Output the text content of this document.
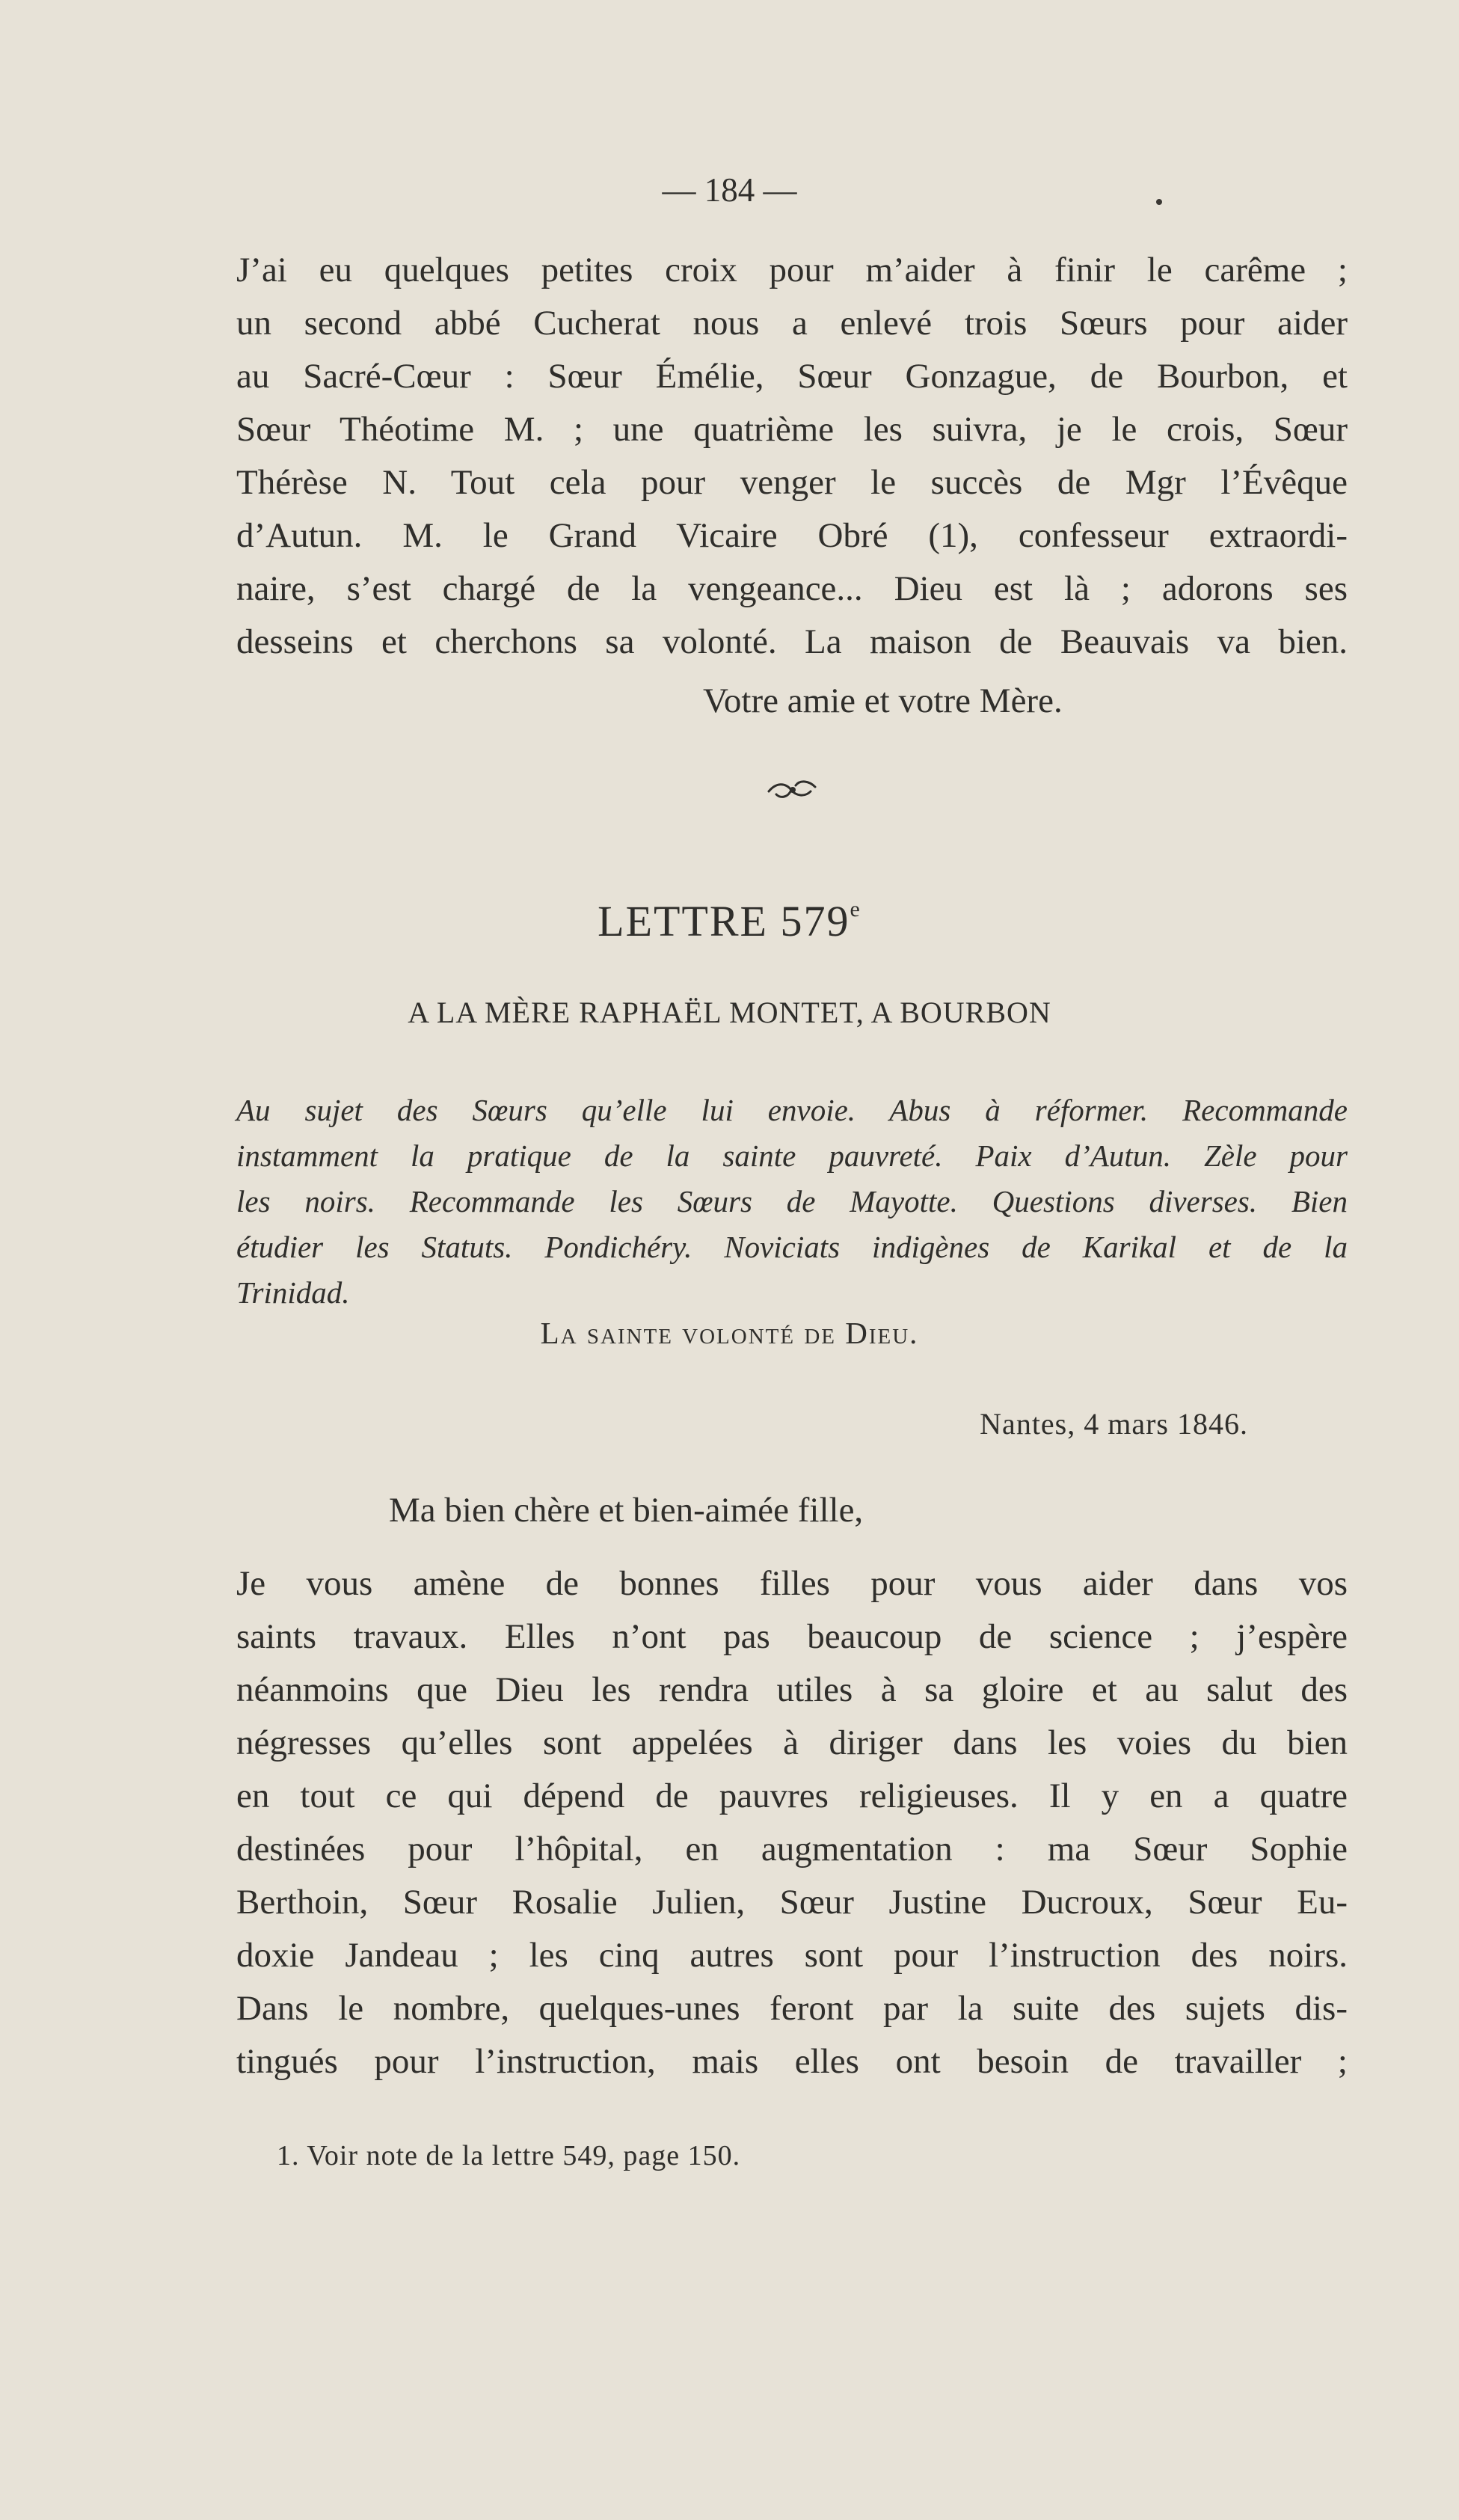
— 184 —
J’ai eu quelques petites croix pour m’aider à finir le carême ;
un second abbé Cucherat nous a enlevé trois Sœurs pour aider
au Sacré-Cœur : Sœur Émélie, Sœur Gonzague, de Bourbon, et
Sœur Théotime M. ; une quatrième les suivra, je le crois, Sœur
Thérèse N. Tout cela pour venger le succès de Mgr l’Évêque
d’Autun. M. le Grand Vicaire Obré (1), confesseur extraordi-
naire, s’est chargé de la vengeance... Dieu est là ; adorons ses
desseins et cherchons sa volonté. La maison de Beauvais va bien.
Votre amie et votre Mère.
LETTRE 579e
A LA MÈRE RAPHAËL MONTET, A BOURBON
Au sujet des Sœurs qu’elle lui envoie. Abus à réformer. Recommande
instamment la pratique de la sainte pauvreté. Paix d’Autun. Zèle pour
les noirs. Recommande les Sœurs de Mayotte. Questions diverses. Bien
étudier les Statuts. Pondichéry. Noviciats indigènes de Karikal et de la
Trinidad.
La sainte volonté de Dieu.
Nantes, 4 mars 1846.
Ma bien chère et bien-aimée fille,
Je vous amène de bonnes filles pour vous aider dans vos
saints travaux. Elles n’ont pas beaucoup de science ; j’espère
néanmoins que Dieu les rendra utiles à sa gloire et au salut des
négresses qu’elles sont appelées à diriger dans les voies du bien
en tout ce qui dépend de pauvres religieuses. Il y en a quatre
destinées pour l’hôpital, en augmentation : ma Sœur Sophie
Berthoin, Sœur Rosalie Julien, Sœur Justine Ducroux, Sœur Eu-
doxie Jandeau ; les cinq autres sont pour l’instruction des noirs.
Dans le nombre, quelques-unes feront par la suite des sujets dis-
tingués pour l’instruction, mais elles ont besoin de travailler ;
1. Voir note de la lettre 549, page 150.
